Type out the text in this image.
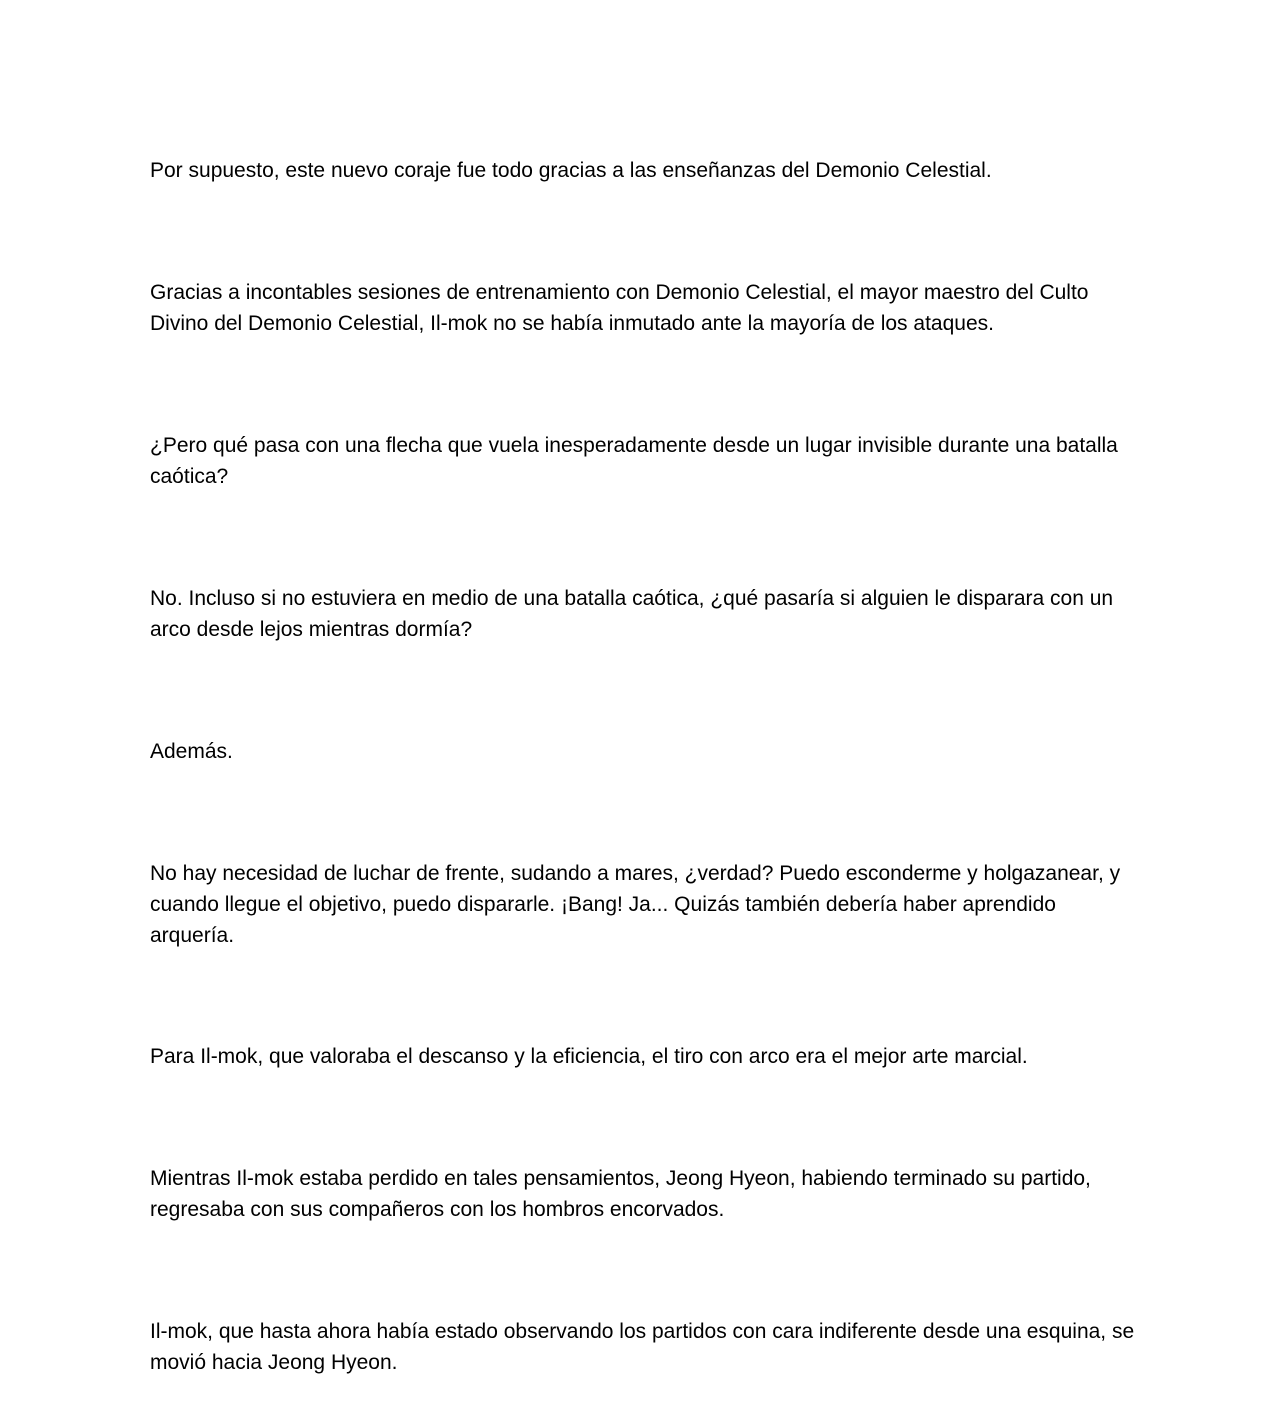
Por supuesto, este nuevo coraje fue todo gracias a las enseñanzas del Demonio Celestial.

Gracias a incontables sesiones de entrenamiento con Demonio Celestial, el mayor maestro del Culto Divino del Demonio Celestial, Il-mok no se había inmutado ante la mayoría de los ataques.

¿Pero qué pasa con una flecha que vuela inesperadamente desde un lugar invisible durante una batalla caótica?

No. Incluso si no estuviera en medio de una batalla caótica, ¿qué pasaría si alguien le disparara con un arco desde lejos mientras dormía?

Además.

No hay necesidad de luchar de frente, sudando a mares, ¿verdad? Puedo esconderme y holgazanear, y cuando llegue el objetivo, puedo dispararle. ¡Bang! Ja... Quizás también debería haber aprendido arquería.

Para Il-mok, que valoraba el descanso y la eficiencia, el tiro con arco era el mejor arte marcial.

Mientras Il-mok estaba perdido en tales pensamientos, Jeong Hyeon, habiendo terminado su partido, regresaba con sus compañeros con los hombros encorvados.

Il-mok, que hasta ahora había estado observando los partidos con cara indiferente desde una esquina, se movió hacia Jeong Hyeon.
